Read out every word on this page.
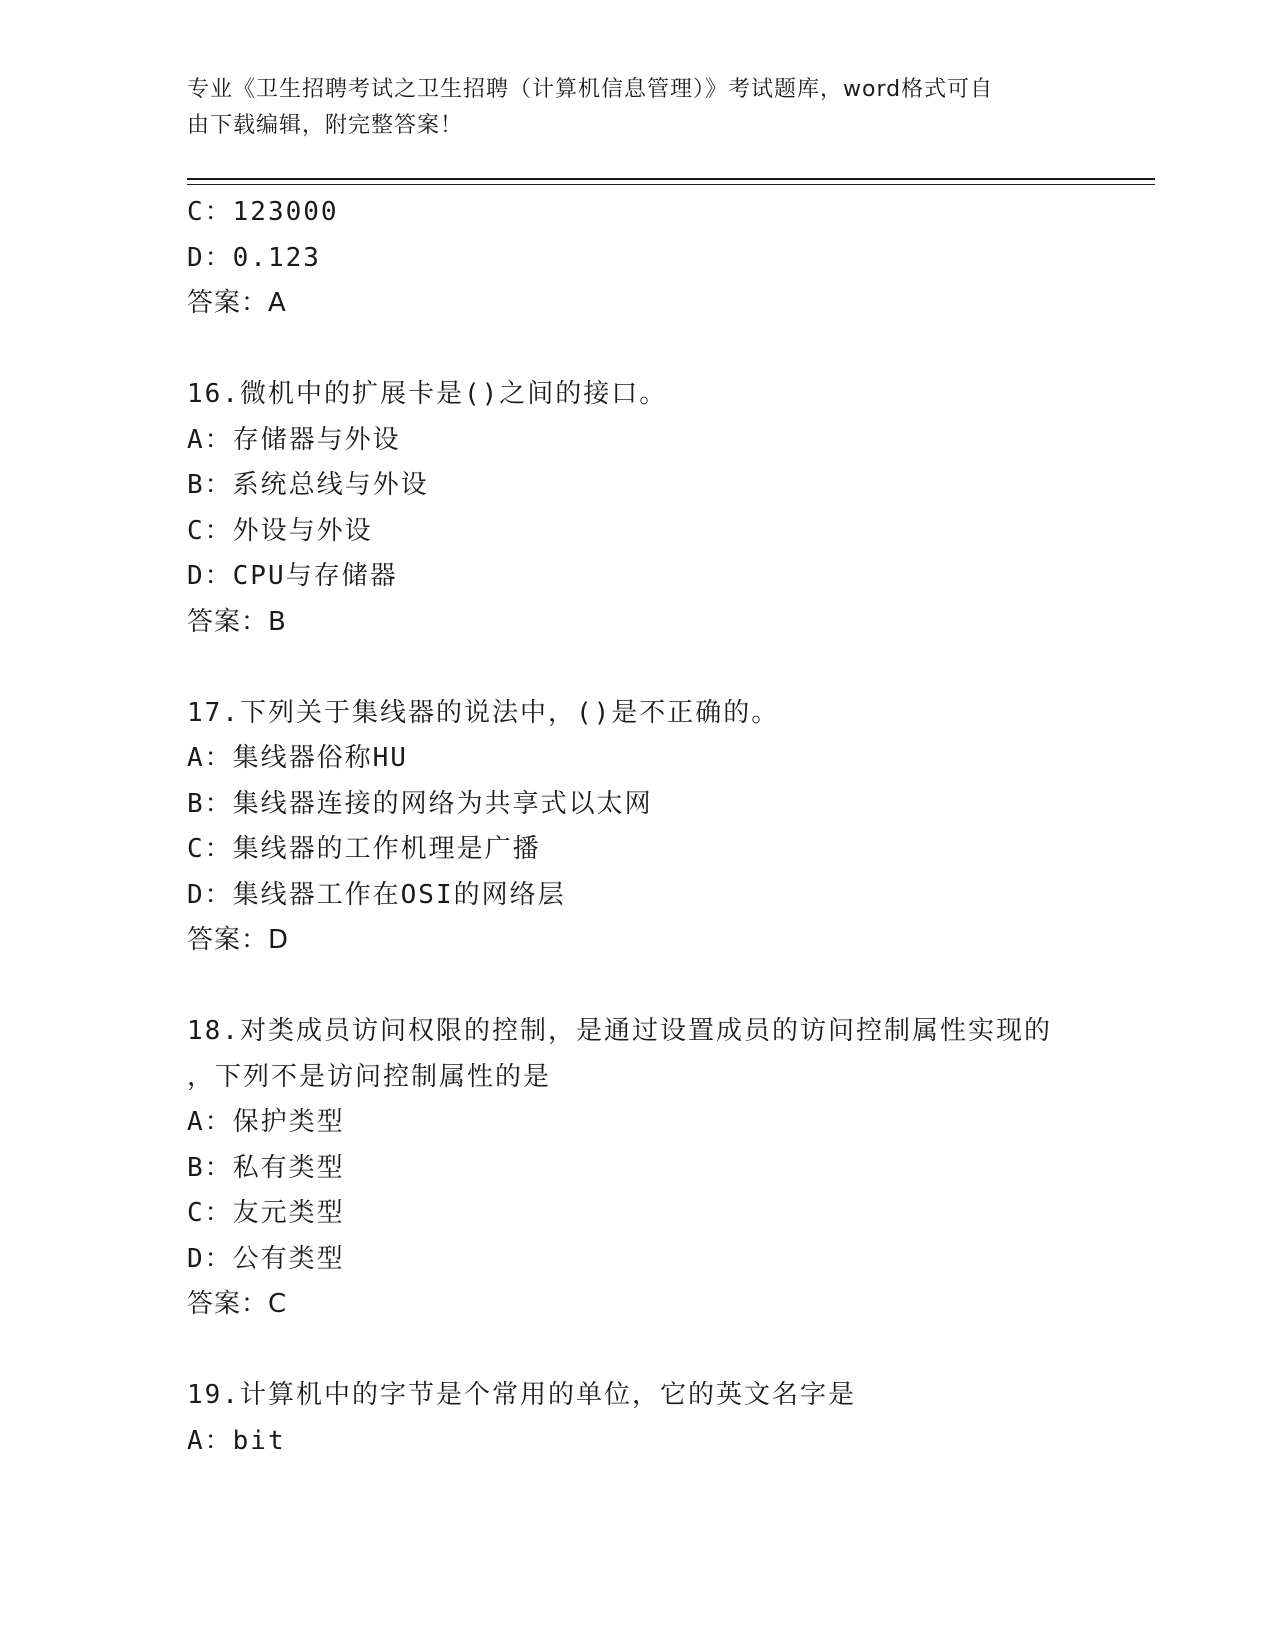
专业《卫生招聘考试之卫生招聘（计算机信息管理）》考试题库，word格式可自
由下载编辑，附完整答案！
C：123000
D：0.123
答案：A
16.微机中的扩展卡是()之间的接口。
A：存储器与外设
B：系统总线与外设
C：外设与外设
D：CPU与存储器
答案：B
17.下列关于集线器的说法中，()是不正确的。
A：集线器俗称HU
B：集线器连接的网络为共享式以太网
C：集线器的工作机理是广播
D：集线器工作在OSI的网络层
答案：D
18.对类成员访问权限的控制，是通过设置成员的访问控制属性实现的
，下列不是访问控制属性的是
A：保护类型
B：私有类型
C：友元类型
D：公有类型
答案：C
19.计算机中的字节是个常用的单位，它的英文名字是
A：bit
